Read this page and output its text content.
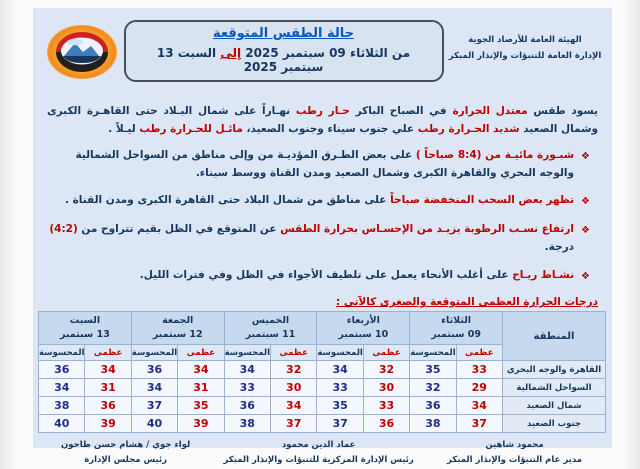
الهيئة العامة للأرصاد الجوية
الإدارة العامة للتنبؤات والإنذار المبكر
حالة الطقس المتوقعة
من الثلاثاء 09 سبتمبر 2025 إلى السبت 13 سبتمبر 2025
يسود طقس معتدل الحرارة في الصباح الباكر حـار رطب نهـاراً على شمال البـلاد حتى القاهـرة الكبرى وشمال الصعيد شديد الحـرارة رطب علي جنوب سيناء وجنوب الصعيد، مائـل للحـرارة رطب ليـلاً .
❖
شبـورة مائيـة من (8:4 صباحاً ) على بعض الطـرق المؤديـة من وإلى مناطق من السواحل الشمالية والوجه البحري والقاهرة الكبرى وشمال الصعيد ومدن القناة ووسط سيناء.
❖
تظهر بعض السحب المنخفضة صباحاً على مناطق من شمال البلاد حتى القاهرة الكبرى ومدن القناة .
❖
ارتفاع نسـب الرطوبة يزيـد من الإحسـاس بحرارة الطقس عن المتوقع في الظل بقيم تتراوح من (4:2) درجة.
❖
نشـاط ريـاح على أغلب الأنحاء يعمل على تلطيف الأجواء في الظل وفي فترات الليل.
درجات الحرارة العظمى المتوقعة والصغرى كالآتي :
المنطقة	
الثلاثاء
09 سبتمبر

الأربعاء
10 سبتمبر

الخميس
11 سبتمبر

الجمعة
12 سبتمبر

السبت
13 سبتمبر

	عظمى	المحسوسة	عظمى	المحسوسة	عظمى	المحسوسة	عظمى	المحسوسة	عظمى	المحسوسة
القاهرة والوجه البحري	33	35	32	34	32	34	34	36	34	36
السواحل الشمالية	29	32	30	33	30	33	31	34	31	34
شمال الصعيد	34	36	33	35	34	36	35	37	36	38
جنوب الصعيد	37	38	36	37	37	38	39	40	39	40
محمود شاهين
مدير عام التنبؤات والإنذار المبكر
عماد الدين محمود
رئيس الإدارة المركزية للتنبؤات والإنذار المبكر
لواء جوي / هشام حسن طاحون
رئيس مجلس الإدارة
